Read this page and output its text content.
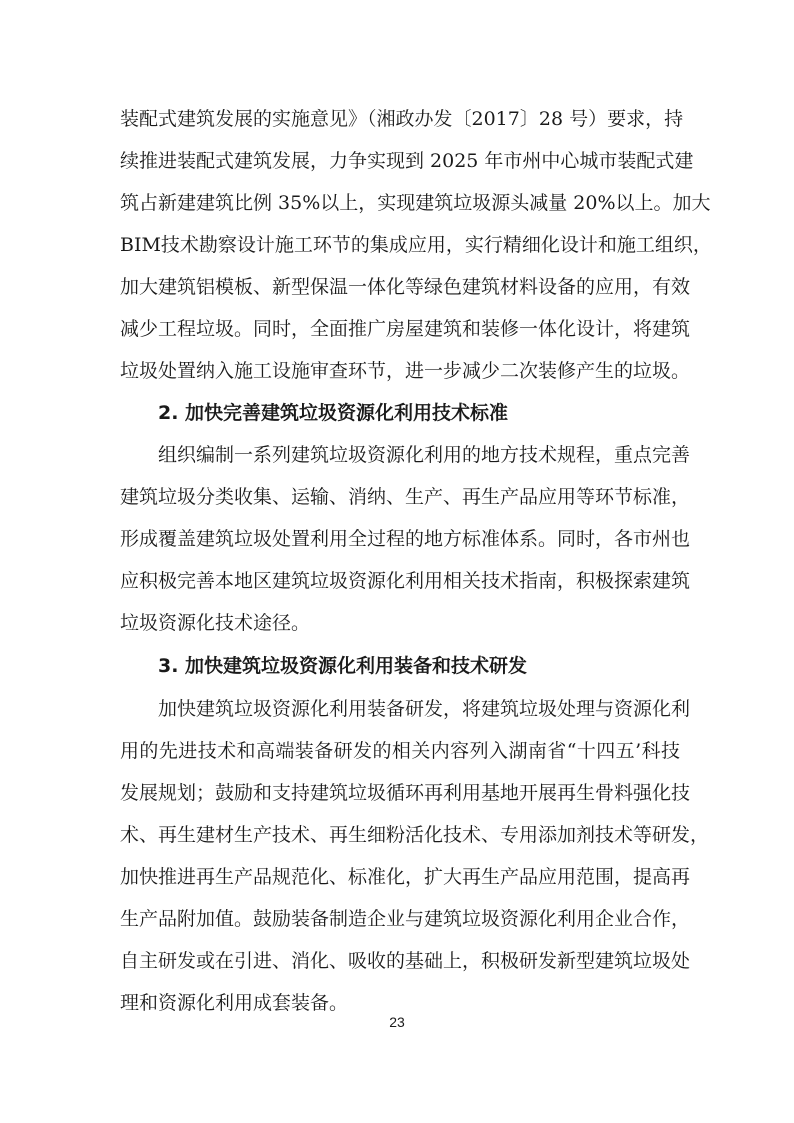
装配式建筑发展的实施意见》（湘政办发〔2017〕28 号）要求，持
续推进装配式建筑发展，力争实现到 2025 年市州中心城市装配式建
筑占新建建筑比例 35%以上，实现建筑垃圾源头减量 20%以上。加大
BIM技术勘察设计施工环节的集成应用，实行精细化设计和施工组织，
加大建筑铝模板、新型保温一体化等绿色建筑材料设备的应用，有效
减少工程垃圾。同时，全面推广房屋建筑和装修一体化设计，将建筑
垃圾处置纳入施工设施审查环节，进一步减少二次装修产生的垃圾。
2. 加快完善建筑垃圾资源化利用技术标准
组织编制一系列建筑垃圾资源化利用的地方技术规程，重点完善
建筑垃圾分类收集、运输、消纳、生产、再生产品应用等环节标准，
形成覆盖建筑垃圾处置利用全过程的地方标准体系。同时，各市州也
应积极完善本地区建筑垃圾资源化利用相关技术指南，积极探索建筑
垃圾资源化技术途径。
3. 加快建筑垃圾资源化利用装备和技术研发
加快建筑垃圾资源化利用装备研发，将建筑垃圾处理与资源化利
用的先进技术和高端装备研发的相关内容列入湖南省“十四五’科技
发展规划；鼓励和支持建筑垃圾循环再利用基地开展再生骨料强化技
术、再生建材生产技术、再生细粉活化技术、专用添加剂技术等研发，
加快推进再生产品规范化、标准化，扩大再生产品应用范围，提高再
生产品附加值。鼓励装备制造企业与建筑垃圾资源化利用企业合作，
自主研发或在引进、消化、吸收的基础上，积极研发新型建筑垃圾处
理和资源化利用成套装备。
23
